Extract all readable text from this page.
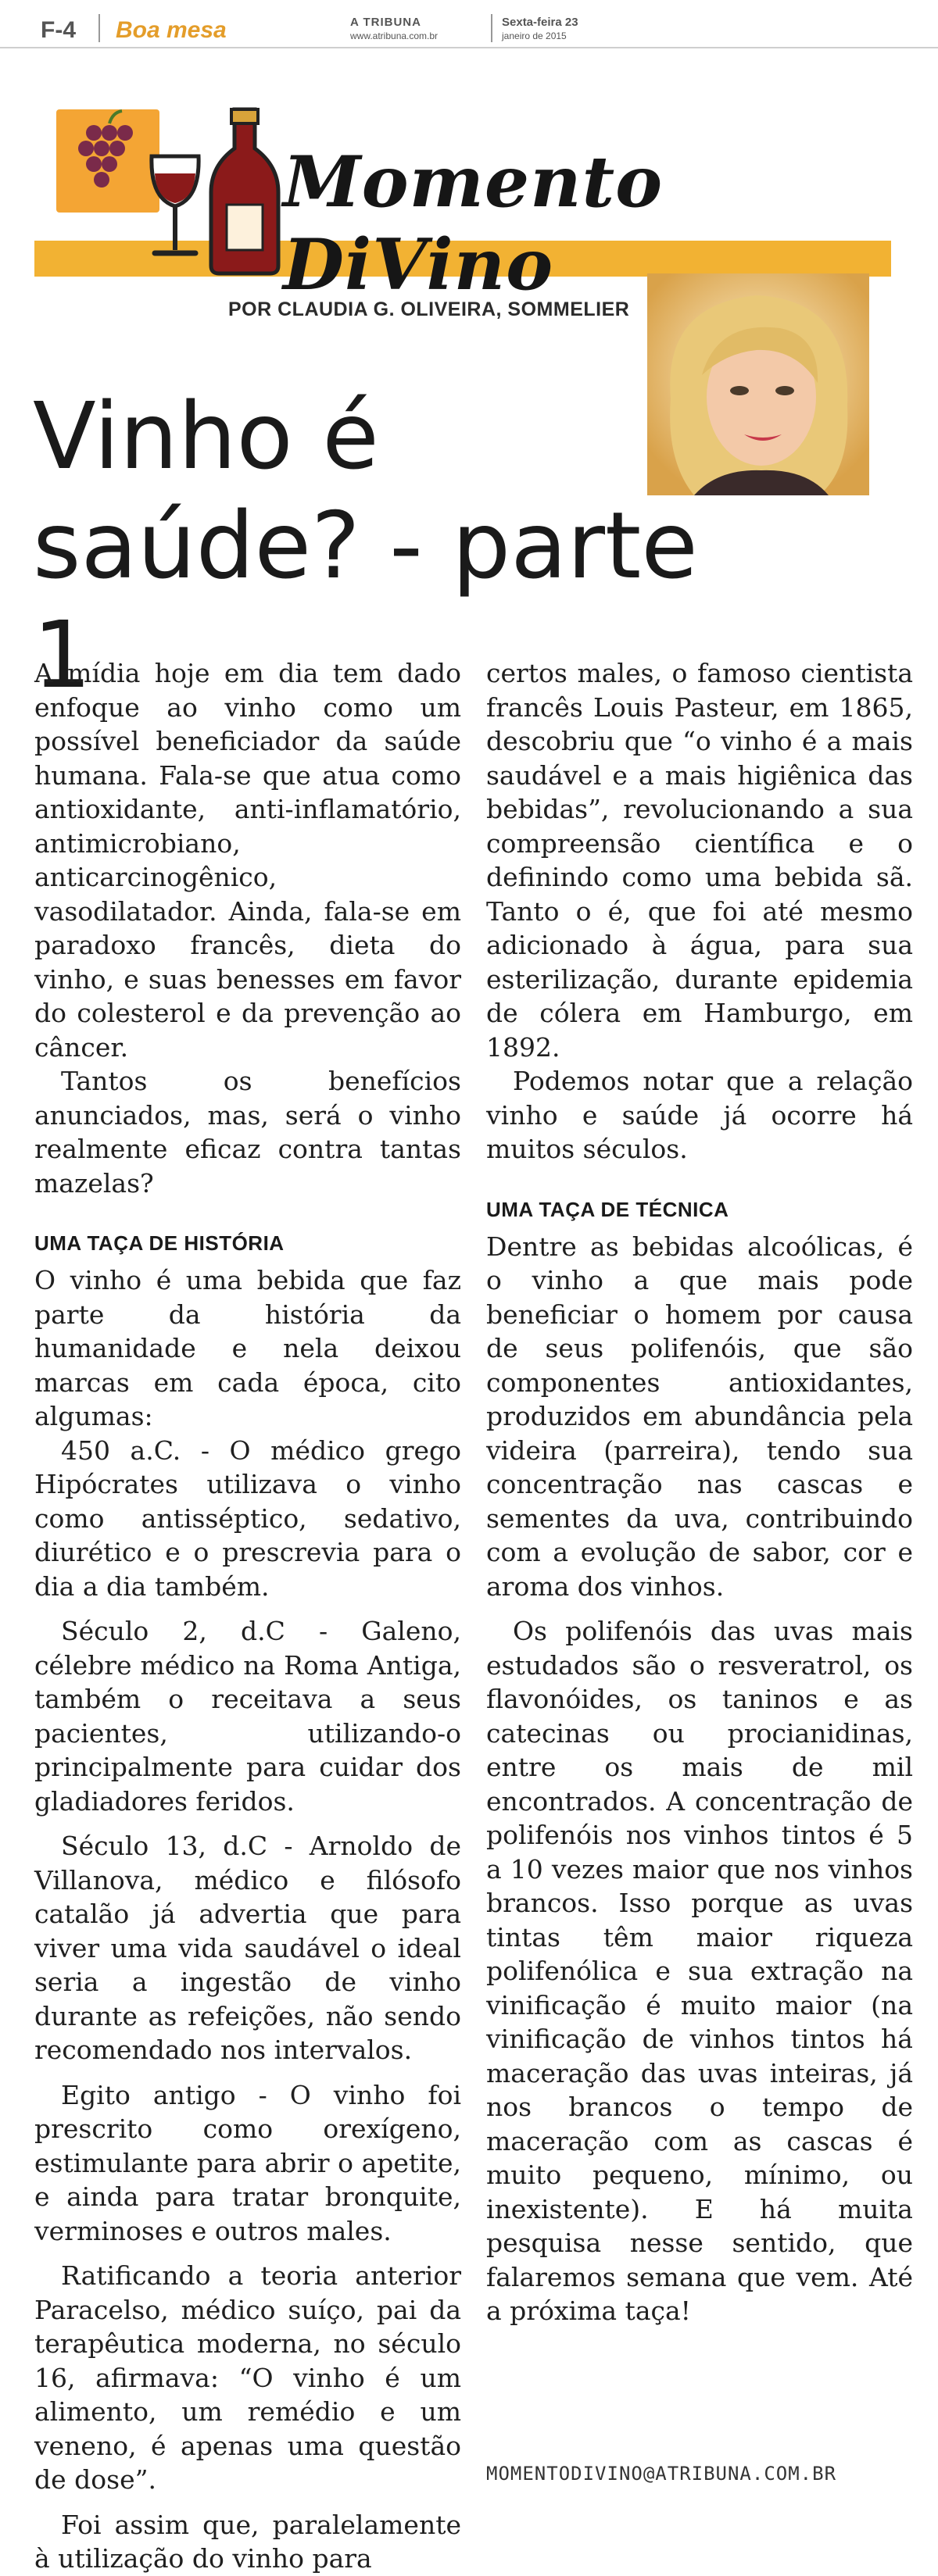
F-4 Boa mesa	A TRIBUNA
www.atribuna.com.br
Sexta-feira 23
janeiro de 2015
Momento DiVino
POR CLAUDIA G. OLIVEIRA, SOMMELIER
Vinho é
saúde? - parte 1

A mídia hoje em dia tem dado enfoque ao vinho como um possível beneficiador da saúde humana. Fala-se que atua como antioxidante, anti-inflamatório, antimicrobiano, anticarcinogênico, vasodilatador. Ainda, fala-se em paradoxo francês, dieta do vinho, e suas benesses em favor do colesterol e da prevenção ao câncer.

Tantos os benefícios anunciados, mas, será o vinho realmente eficaz contra tantas mazelas?

UMA TAÇA DE HISTÓRIA

O vinho é uma bebida que faz parte da história da humanidade e nela deixou marcas em cada época, cito algumas:

450 a.C. - O médico grego Hipócrates utilizava o vinho como antisséptico, sedativo, diurético e o prescrevia para o dia a dia também.

Século 2, d.C - Galeno, célebre médico na Roma Antiga, também o receitava a seus pacientes, utilizando-o principalmente para cuidar dos gladiadores feridos.

Século 13, d.C - Arnoldo de Villanova, médico e filósofo catalão já advertia que para viver uma vida saudável o ideal seria a ingestão de vinho durante as refeições, não sendo recomendado nos intervalos.

Egito antigo - O vinho foi prescrito como orexígeno, estimulante para abrir o apetite, e ainda para tratar bronquite, verminoses e outros males.

Ratificando a teoria anterior Paracelso, médico suíço, pai da terapêutica moderna, no século 16, afirmava: “O vinho é um alimento, um remédio e um veneno, é apenas uma questão de dose”.

Foi assim que, paralelamente à utilização do vinho para

certos males, o famoso cientista francês Louis Pasteur, em 1865, descobriu que “o vinho é a mais saudável e a mais higiênica das bebidas”, revolucionando a sua compreensão científica e o definindo como uma bebida sã. Tanto o é, que foi até mesmo adicionado à água, para sua esterilização, durante epidemia de cólera em Hamburgo, em 1892.

Podemos notar que a relação vinho e saúde já ocorre há muitos séculos.

UMA TAÇA DE TÉCNICA

Dentre as bebidas alcoólicas, é o vinho a que mais pode beneficiar o homem por causa de seus polifenóis, que são componentes antioxidantes, produzidos em abundância pela videira (parreira), tendo sua concentração nas cascas e sementes da uva, contribuindo com a evolução de sabor, cor e aroma dos vinhos.

Os polifenóis das uvas mais estudados são o resveratrol, os flavonóides, os taninos e as catecinas ou procianidinas, entre os mais de mil encontrados. A concentração de polifenóis nos vinhos tintos é 5 a 10 vezes maior que nos vinhos brancos. Isso porque as uvas tintas têm maior riqueza polifenólica e sua extração na vinificação é muito maior (na vinificação de vinhos tintos há maceração das uvas inteiras, já nos brancos o tempo de maceração com as cascas é muito pequeno, mínimo, ou inexistente). E há muita pesquisa nesse sentido, que falaremos semana que vem. Até a próxima taça!

MOMENTODIVINO@ATRIBUNA.COM.BR
